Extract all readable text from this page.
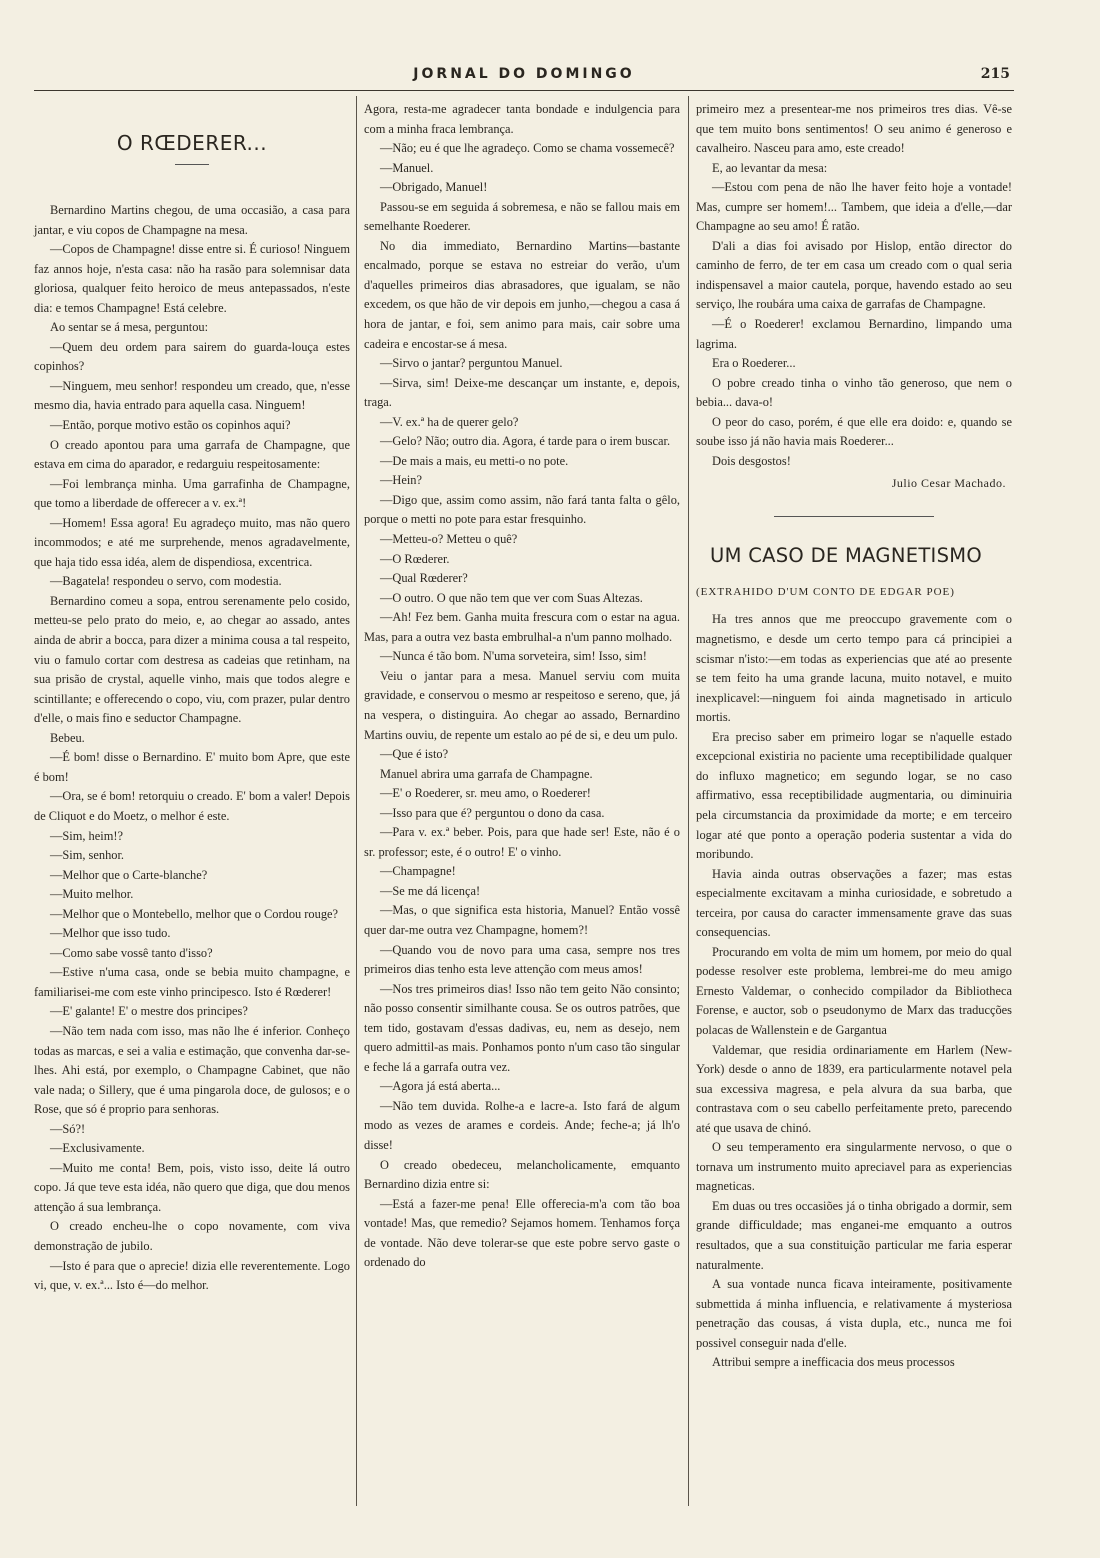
JORNAL DO DOMINGO	215
O RŒDERER...

Bernardino Martins chegou, de uma occasião, a casa para jantar, e viu copos de Champagne na mesa.

—Copos de Champagne! disse entre si. É curioso! Ninguem faz annos hoje, n'esta casa: não ha rasão para solemnisar data gloriosa, qualquer feito heroico de meus antepassados, n'este dia: e temos Champagne! Está celebre.

Ao sentar se á mesa, perguntou:

—Quem deu ordem para sairem do guarda-louça estes copinhos?

—Ninguem, meu senhor! respondeu um creado, que, n'esse mesmo dia, havia entrado para aquella casa. Ninguem!

—Então, porque motivo estão os copinhos aqui?

O creado apontou para uma garrafa de Champagne, que estava em cima do aparador, e redarguiu respeitosamente:

—Foi lembrança minha. Uma garrafinha de Champagne, que tomo a liberdade de offerecer a v. ex.ª!

—Homem! Essa agora! Eu agradeço muito, mas não quero incommodos; e até me surprehende, menos agradavelmente, que haja tido essa idéa, alem de dispendiosa, excentrica.

—Bagatela! respondeu o servo, com modestia.

Bernardino comeu a sopa, entrou serenamente pelo cosido, metteu-se pelo prato do meio, e, ao chegar ao assado, antes ainda de abrir a bocca, para dizer a minima cousa a tal respeito, viu o famulo cortar com destresa as cadeias que retinham, na sua prisão de crystal, aquelle vinho, mais que todos alegre e scintillante; e offerecendo o copo, viu, com prazer, pular dentro d'elle, o mais fino e seductor Champagne.

Bebeu.

—É bom! disse o Bernardino. E' muito bom Apre, que este é bom!

—Ora, se é bom! retorquiu o creado. E' bom a valer! Depois de Cliquot e do Moetz, o melhor é este.

—Sim, heim!?

—Sim, senhor.

—Melhor que o Carte-blanche?

—Muito melhor.

—Melhor que o Montebello, melhor que o Cordou rouge?

—Melhor que isso tudo.

—Como sabe vossê tanto d'isso?

—Estive n'uma casa, onde se bebia muito champagne, e familiarisei-me com este vinho principesco. Isto é Rœderer!

—E' galante! E' o mestre dos principes?

—Não tem nada com isso, mas não lhe é inferior. Conheço todas as marcas, e sei a valia e estimação, que convenha dar-se-lhes. Ahi está, por exemplo, o Champagne Cabinet, que não vale nada; o Sillery, que é uma pingarola doce, de gulosos; e o Rose, que só é proprio para senhoras.

—Só?!

—Exclusivamente.

—Muito me conta! Bem, pois, visto isso, deite lá outro copo. Já que teve esta idéa, não quero que diga, que dou menos attenção á sua lembrança.

O creado encheu-lhe o copo novamente, com viva demonstração de jubilo.

—Isto é para que o aprecie! dizia elle reverentemente. Logo vi, que, v. ex.ª... Isto é—do melhor.

Agora, resta-me agradecer tanta bondade e indulgencia para com a minha fraca lembrança.

—Não; eu é que lhe agradeço. Como se chama vossemecê?

—Manuel.

—Obrigado, Manuel!

Passou-se em seguida á sobremesa, e não se fallou mais em semelhante Roederer.

No dia immediato, Bernardino Martins—bastante encalmado, porque se estava no estreiar do verão, u'um d'aquelles primeiros dias abrasadores, que igualam, se não excedem, os que hão de vir depois em junho,—chegou a casa á hora de jantar, e foi, sem animo para mais, cair sobre uma cadeira e encostar-se á mesa.

—Sirvo o jantar? perguntou Manuel.

—Sirva, sim! Deixe-me descançar um instante, e, depois, traga.

—V. ex.ª ha de querer gelo?

—Gelo? Não; outro dia. Agora, é tarde para o irem buscar.

—De mais a mais, eu metti-o no pote.

—Hein?

—Digo que, assim como assim, não fará tanta falta o gêlo, porque o metti no pote para estar fresquinho.

—Metteu-o? Metteu o quê?

—O Rœderer.

—Qual Rœderer?

—O outro. O que não tem que ver com Suas Altezas.

—Ah! Fez bem. Ganha muita frescura com o estar na agua. Mas, para a outra vez basta embrulhal-a n'um panno molhado.

—Nunca é tão bom. N'uma sorveteira, sim! Isso, sim!

Veiu o jantar para a mesa. Manuel serviu com muita gravidade, e conservou o mesmo ar respeitoso e sereno, que, já na vespera, o distinguira. Ao chegar ao assado, Bernardino Martins ouviu, de repente um estalo ao pé de si, e deu um pulo.

—Que é isto?

Manuel abrira uma garrafa de Champagne.

—E' o Roederer, sr. meu amo, o Roederer!

—Isso para que é? perguntou o dono da casa.

—Para v. ex.ª beber. Pois, para que hade ser! Este, não é o sr. professor; este, é o outro! E' o vinho.

—Champagne!

—Se me dá licença!

—Mas, o que significa esta historia, Manuel? Então vossê quer dar-me outra vez Champagne, homem?!

—Quando vou de novo para uma casa, sempre nos tres primeiros dias tenho esta leve attenção com meus amos!

—Nos tres primeiros dias! Isso não tem geito Não consinto; não posso consentir similhante cousa. Se os outros patrões, que tem tido, gostavam d'essas dadivas, eu, nem as desejo, nem quero admittil-as mais. Ponhamos ponto n'um caso tão singular e feche lá a garrafa outra vez.

—Agora já está aberta...

—Não tem duvida. Rolhe-a e lacre-a. Isto fará de algum modo as vezes de arames e cordeis. Ande; feche-a; já lh'o disse!

O creado obedeceu, melancholicamente, emquanto Bernardino dizia entre si:

—Está a fazer-me pena! Elle offerecia-m'a com tão boa vontade! Mas, que remedio? Sejamos homem. Tenhamos força de vontade. Não deve tolerar-se que este pobre servo gaste o ordenado do

primeiro mez a presentear-me nos primeiros tres dias. Vê-se que tem muito bons sentimentos! O seu animo é generoso e cavalheiro. Nasceu para amo, este creado!

E, ao levantar da mesa:

—Estou com pena de não lhe haver feito hoje a vontade! Mas, cumpre ser homem!... Tambem, que ideia a d'elle,—dar Champagne ao seu amo! É ratão.

D'ali a dias foi avisado por Hislop, então director do caminho de ferro, de ter em casa um creado com o qual seria indispensavel a maior cautela, porque, havendo estado ao seu serviço, lhe roubára uma caixa de garrafas de Champagne.

—É o Roederer! exclamou Bernardino, limpando uma lagrima.

Era o Roederer...

O pobre creado tinha o vinho tão generoso, que nem o bebia... dava-o!

O peor do caso, porém, é que elle era doido: e, quando se soube isso já não havia mais Roederer...

Dois desgostos!

Julio Cesar Machado.

UM CASO DE MAGNETISMO

(EXTRAHIDO D'UM CONTO DE EDGAR POE)

Ha tres annos que me preoccupo gravemente com o magnetismo, e desde um certo tempo para cá principiei a scismar n'isto:—em todas as experiencias que até ao presente se tem feito ha uma grande lacuna, muito notavel, e muito inexplicavel:—ninguem foi ainda magnetisado in articulo mortis.

Era preciso saber em primeiro logar se n'aquelle estado excepcional existiria no paciente uma receptibilidade qualquer do influxo magnetico; em segundo logar, se no caso affirmativo, essa receptibilidade augmentaria, ou diminuiria pela circumstancia da proximidade da morte; e em terceiro logar até que ponto a operação poderia sustentar a vida do moribundo.

Havia ainda outras observações a fazer; mas estas especialmente excitavam a minha curiosidade, e sobretudo a terceira, por causa do caracter immensamente grave das suas consequencias.

Procurando em volta de mim um homem, por meio do qual podesse resolver este problema, lembrei-me do meu amigo Ernesto Valdemar, o conhecido compilador da Bibliotheca Forense, e auctor, sob o pseudonymo de Marx das traducções polacas de Wallenstein e de Gargantua

Valdemar, que residia ordinariamente em Harlem (New-York) desde o anno de 1839, era particularmente notavel pela sua excessiva magresa, e pela alvura da sua barba, que contrastava com o seu cabello perfeitamente preto, parecendo até que usava de chinó.

O seu temperamento era singularmente nervoso, o que o tornava um instrumento muito apreciavel para as experiencias magneticas.

Em duas ou tres occasiões já o tinha obrigado a dormir, sem grande difficuldade; mas enganei-me emquanto a outros resultados, que a sua constituição particular me faria esperar naturalmente.

A sua vontade nunca ficava inteiramente, positivamente submettida á minha influencia, e relativamente á mysteriosa penetração das cousas, á vista dupla, etc., nunca me foi possivel conseguir nada d'elle.

Attribui sempre a inefficacia dos meus processos
